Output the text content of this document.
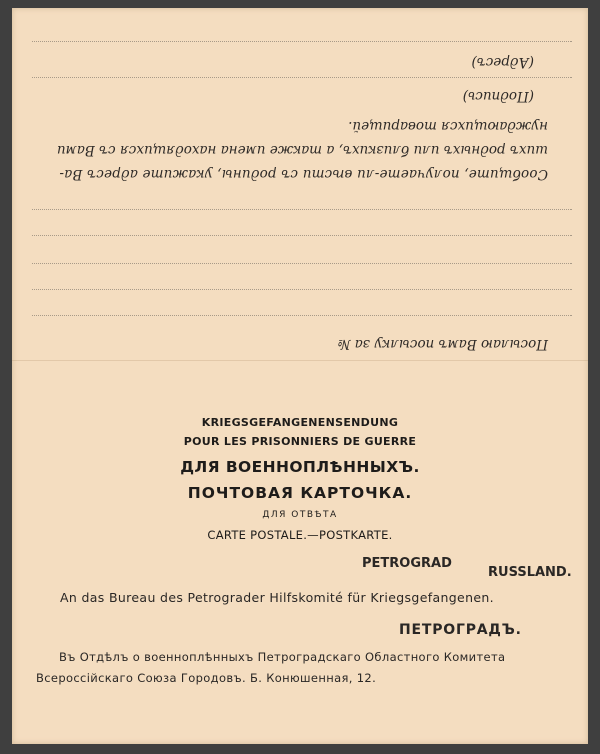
Посылаю Вамъ посылку за №
Сообщите, получаете-ли вѣсти съ родины, укажите адресъ Ва-
шихъ родныхъ или близкихъ, а также имена находящихся съ Вами
нуждающихся товарищей.
(Подпись)
(Адресъ)
KRIEGSGEFANGENENSENDUNG
POUR LES PRISONNIERS DE GUERRE
ДЛЯ ВОЕННОПЛѢННЫХЪ.
ПОЧТОВАЯ КАРТОЧКА.
ДЛЯ ОТВѢТА
CARTE POSTALE.—POSTKARTE.
PETROGRAD
RUSSLAND.
An das Bureau des Petrograder Hilfskomité für Kriegsgefangenen.
ПЕТРОГРАДЪ.
Въ Отдѣлъ о военноплѣнныхъ Петроградскаго Областного Комитета
Всероссійскаго Союза Городовъ. Б. Конюшенная, 12.
